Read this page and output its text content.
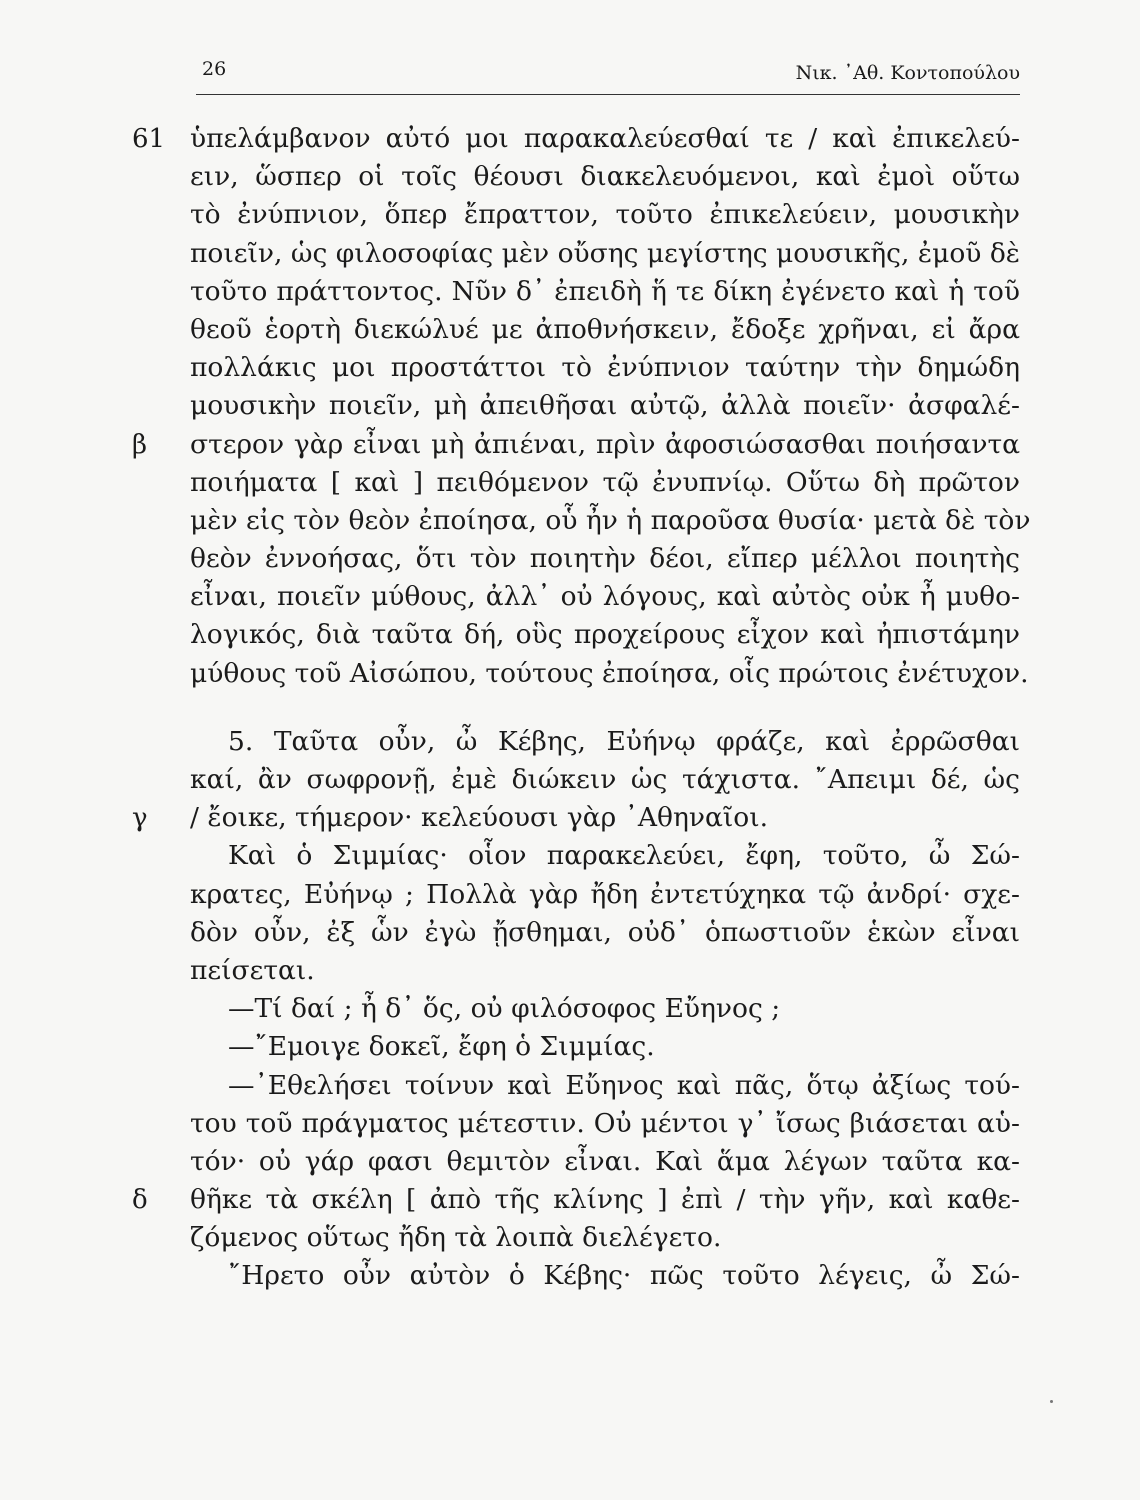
26	Νικ. ᾿Αθ. Κοντοπούλου
61 ὑπελάμβανον αὐτό μοι παρακαλεύεσθαί τε / καὶ ἐπικελεύ-
ειν, ὥσπερ οἱ τοῖς θέουσι διακελευόμενοι, καὶ ἐμοὶ οὕτω
τὸ ἐνύπνιον, ὅπερ ἔπραττον, τοῦτο ἐπικελεύειν, μουσικὴν
ποιεῖν, ὡς φιλοσοφίας μὲν οὔσης μεγίστης μουσικῆς, ἐμοῦ δὲ
τοῦτο πράττοντος. Νῦν δ᾿ ἐπειδὴ ἥ τε δίκη ἐγένετο καὶ ἡ τοῦ
θεοῦ ἑορτὴ διεκώλυέ με ἀποθνήσκειν, ἔδοξε χρῆναι, εἰ ἄρα
πολλάκις μοι προστάττοι τὸ ἐνύπνιον ταύτην τὴν δημώδη
μουσικὴν ποιεῖν, μὴ ἀπειθῆσαι αὐτῷ, ἀλλὰ ποιεῖν· ἀσφαλέ-
β	στερον γὰρ εἶναι μὴ ἀπιέναι, πρὶν ἀφοσιώσασθαι ποιήσαντα
ποιήματα [ καὶ ] πειθόμενον τῷ ἐνυπνίῳ. Οὕτω δὴ πρῶτον
μὲν εἰς τὸν θεὸν ἐποίησα, οὗ ἦν ἡ παροῦσα θυσία· μετὰ δὲ τὸν
θεὸν ἐννοήσας, ὅτι τὸν ποιητὴν δέοι, εἴπερ μέλλοι ποιητὴς
εἶναι, ποιεῖν μύθους, ἀλλ᾿ οὐ λόγους, καὶ αὐτὸς οὐκ ἦ μυθο-
λογικός, διὰ ταῦτα δή, οὓς προχείρους εἶχον καὶ ἠπιστάμην
μύθους τοῦ Αἰσώπου, τούτους ἐποίησα, οἷς πρώτοις ἐνέτυχον.
5. Ταῦτα οὖν, ὦ Κέβης, Εὐήνῳ φράζε, καὶ ἐρρῶσθαι
καί, ἂν σωφρονῇ, ἐμὲ διώκειν ὡς τάχιστα. ῎Απειμι δέ, ὡς
γ	/ ἔοικε, τήμερον· κελεύουσι γὰρ ᾿Αθηναῖοι.
Καὶ ὁ Σιμμίας· οἷον παρακελεύει, ἔφη, τοῦτο, ὦ Σώ-
κρατες, Εὐήνῳ ; Πολλὰ γὰρ ἤδη ἐντετύχηκα τῷ ἀνδρί· σχε-
δὸν οὖν, ἐξ ὧν ἐγὼ ᾔσθημαι, οὐδ᾿ ὁπωστιοῦν ἑκὼν εἶναι
πείσεται.
—Τί δαί ; ἦ δ᾿ ὅς, οὐ φιλόσοφος Εὔηνος ;
—῎Εμοιγε δοκεῖ, ἔφη ὁ Σιμμίας.
—᾿Εθελήσει τοίνυν καὶ Εὔηνος καὶ πᾶς, ὅτῳ ἀξίως τού-
του τοῦ πράγματος μέτεστιν. Οὐ μέντοι γ᾿ ἴσως βιάσεται αὑ-
τόν· οὐ γάρ φασι θεμιτὸν εἶναι. Καὶ ἅμα λέγων ταῦτα κα-
δ	θῆκε τὰ σκέλη [ ἀπὸ τῆς κλίνης ] ἐπὶ / τὴν γῆν, καὶ καθε-
ζόμενος οὕτως ἤδη τὰ λοιπὰ διελέγετο.
῎Ηρετο οὖν αὐτὸν ὁ Κέβης· πῶς τοῦτο λέγεις, ὦ Σώ-
